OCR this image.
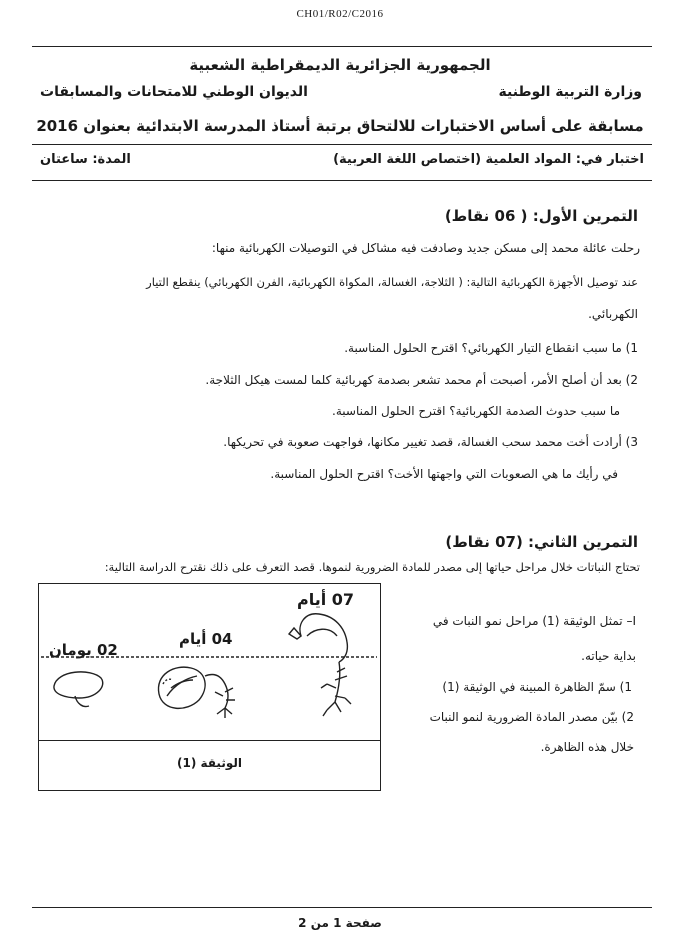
CH01/R02/C2016
الجمهورية الجزائرية الديمقراطية الشعبية
وزارة التربية الوطنية
الديوان الوطني للامتحانات والمسابقات
مسابقة على أساس الاختبارات للالتحاق برتبة أستاذ المدرسة الابتدائية بعنوان 2016
اختبار في: المواد العلمية (اختصاص اللغة العربية)
المدة: ساعتان
التمرين الأول: ( 06 نقاط)
رحلت عائلة محمد إلى مسكن جديد وصادفت فيه مشاكل في التوصيلات الكهربائية منها:
عند توصيل الأجهزة الكهربائية التالية: ( الثلاجة، الغسالة، المكواة الكهربائية، الفرن الكهربائي) ينقطع التيار
الكهربائي.
1) ما سبب انقطاع التيار الكهربائي؟ اقترح الحلول المناسبة.
2) بعد أن أصلح الأمر، أصبحت أم محمد تشعر بصدمة كهربائية كلما لمست هيكل الثلاجة.
ما سبب حدوث الصدمة الكهربائية؟ اقترح الحلول المناسبة.
3) أرادت أخت محمد سحب الغسالة، قصد تغيير مكانها، فواجهت صعوبة في تحريكها.
في رأيك ما هي الصعوبات التي واجهتها الأخت؟ اقترح الحلول المناسبة.
التمرين الثاني: (07 نقاط)
تحتاج النباتات خلال مراحل حياتها إلى مصدر للمادة الضرورية لنموها. قصد التعرف على ذلك نقترح الدراسة التالية:
I– تمثل الوثيقة (1) مراحل نمو النبات في
بداية حياته.
1) سمّ الظاهرة المبينة في الوثيقة (1)
2) بيّن مصدر المادة الضرورية لنمو النبات
خلال هذه الظاهرة.
02 يومان
04 أيام
07 أيام
الوثيقة (1)
صفحة 1 من 2
